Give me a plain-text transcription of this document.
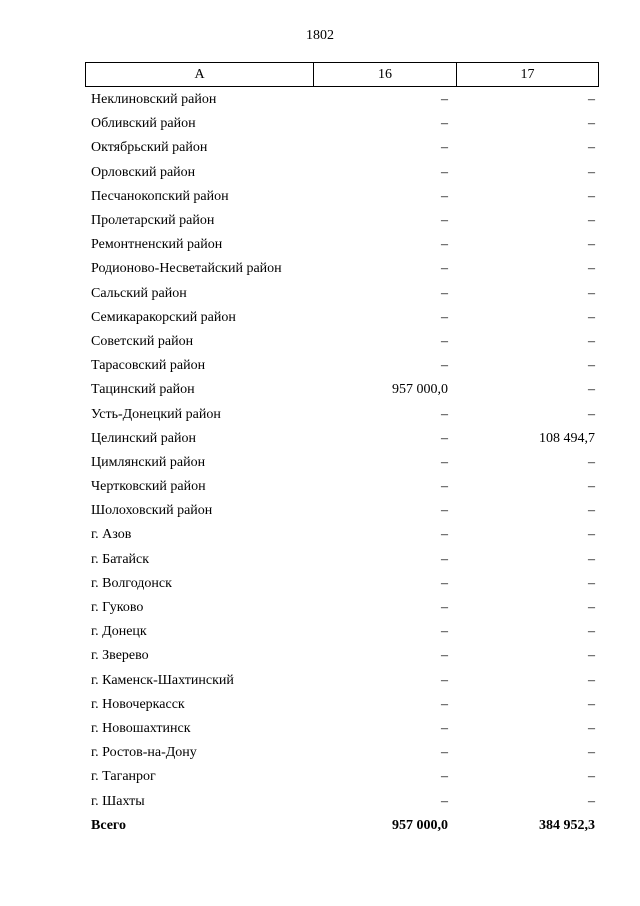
1802
А	16	17
Неклиновский район	–	–
Обливский район	–	–
Октябрьский район	–	–
Орловский район	–	–
Песчанокопский район	–	–
Пролетарский район	–	–
Ремонтненский район	–	–
Родионово-Несветайский район	–	–
Сальский район	–	–
Семикаракорский район	–	–
Советский район	–	–
Тарасовский район	–	–
Тацинский район	957 000,0	–
Усть-Донецкий район	–	–
Целинский район	–	108 494,7
Цимлянский район	–	–
Чертковский район	–	–
Шолоховский район	–	–
г. Азов	–	–
г. Батайск	–	–
г. Волгодонск	–	–
г. Гуково	–	–
г. Донецк	–	–
г. Зверево	–	–
г. Каменск-Шахтинский	–	–
г. Новочеркасск	–	–
г. Новошахтинск	–	–
г. Ростов-на-Дону	–	–
г. Таганрог	–	–
г. Шахты	–	–
Всего	957 000,0	384 952,3
